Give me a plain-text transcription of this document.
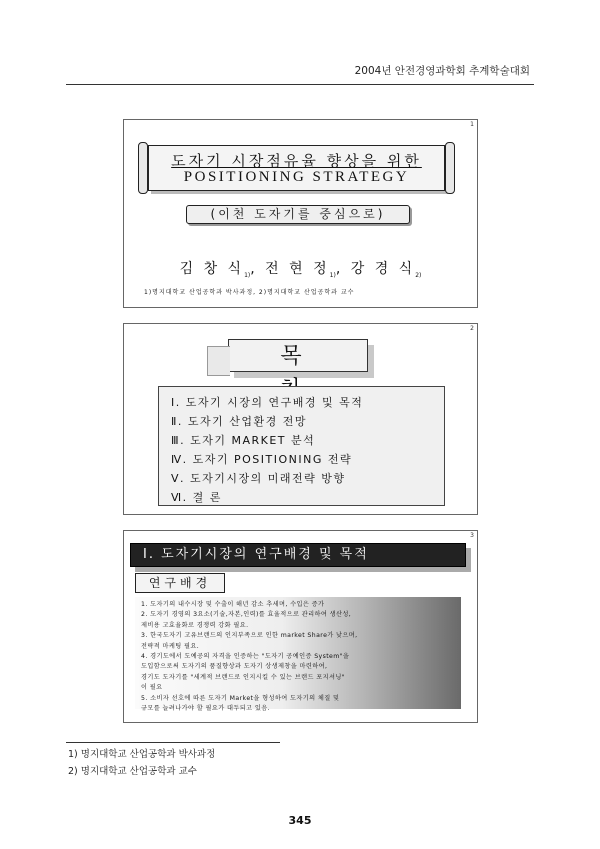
2004년 안전경영과학회 추계학술대회
1
도자기 시장점유율 향상을 위한
POSITIONING STRATEGY
(이천 도자기를 중심으로)
김 창 식$_{1)}$, 전 현 정$_{1)}$, 강 경 식$_{2)}$
1)명지대학교 산업공학과 박사과정, 2)명지대학교 산업공학과 교수
2
목
Ⅰ. 도자기 시장의 연구배경 및 목적
Ⅱ. 도자기 산업환경 전망
Ⅲ. 도자기 MARKET 분석
Ⅳ. 도자기 POSITIONING 전략
Ⅴ. 도자기시장의 미래전략 방향
Ⅵ. 결 론
3
Ⅰ. 도자기시장의 연구배경 및 목적
연구배경
1. 도자기의 내수시장 및 수출이 해년 감소 추세며, 수입은 증가
2. 도자기 경영의 3요소(기술,자본,인력)를 효율적으로 관리하여 생산성,
제비용 고효율화로 경쟁력 강화 필요.
3. 한국도자기 고유브랜드의 인지부족으로 인한 market Share가 낮으며,
전략적 마케팅 필요.
4. 경기도에서 도예공의 자격을 인증하는 "도자기 공예인증 System"을
도입함으로써 도자기의 품질향상과 도자기 상생제창을 마련하여,
경기도 도자기를 "세계적 브랜드로 인지시킬 수 있는 브랜드 포지셔닝"
이 필요
5. 소비자 선호에 따른 도자기 Market을 형성하여 도자기의 체질 및
규모를 늘려나가야 할 필요가 대두되고 있음.
1) 명지대학교 산업공학과 박사과정
2) 명지대학교 산업공학과 교수
345
